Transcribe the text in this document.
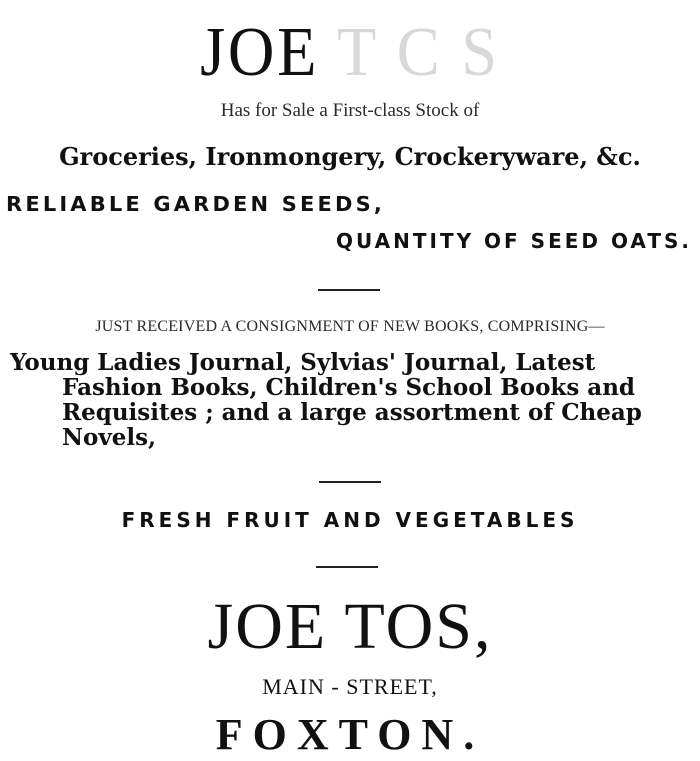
JOE T C S
Has for Sale a First-class Stock of
Groceries, Ironmongery, Crockeryware, &c.
RELIABLE GARDEN SEEDS,
QUANTITY OF SEED OATS.
JUST RECEIVED A CONSIGNMENT OF NEW BOOKS, COMPRISING—
Young Ladies Journal, Sylvias' Journal, Latest Fashion Books, Children's School Books and Requisites ; and a large assortment of Cheap Novels,
FRESH FRUIT AND VEGETABLES
JOE TOS,
MAIN - STREET,
FOXTON.
